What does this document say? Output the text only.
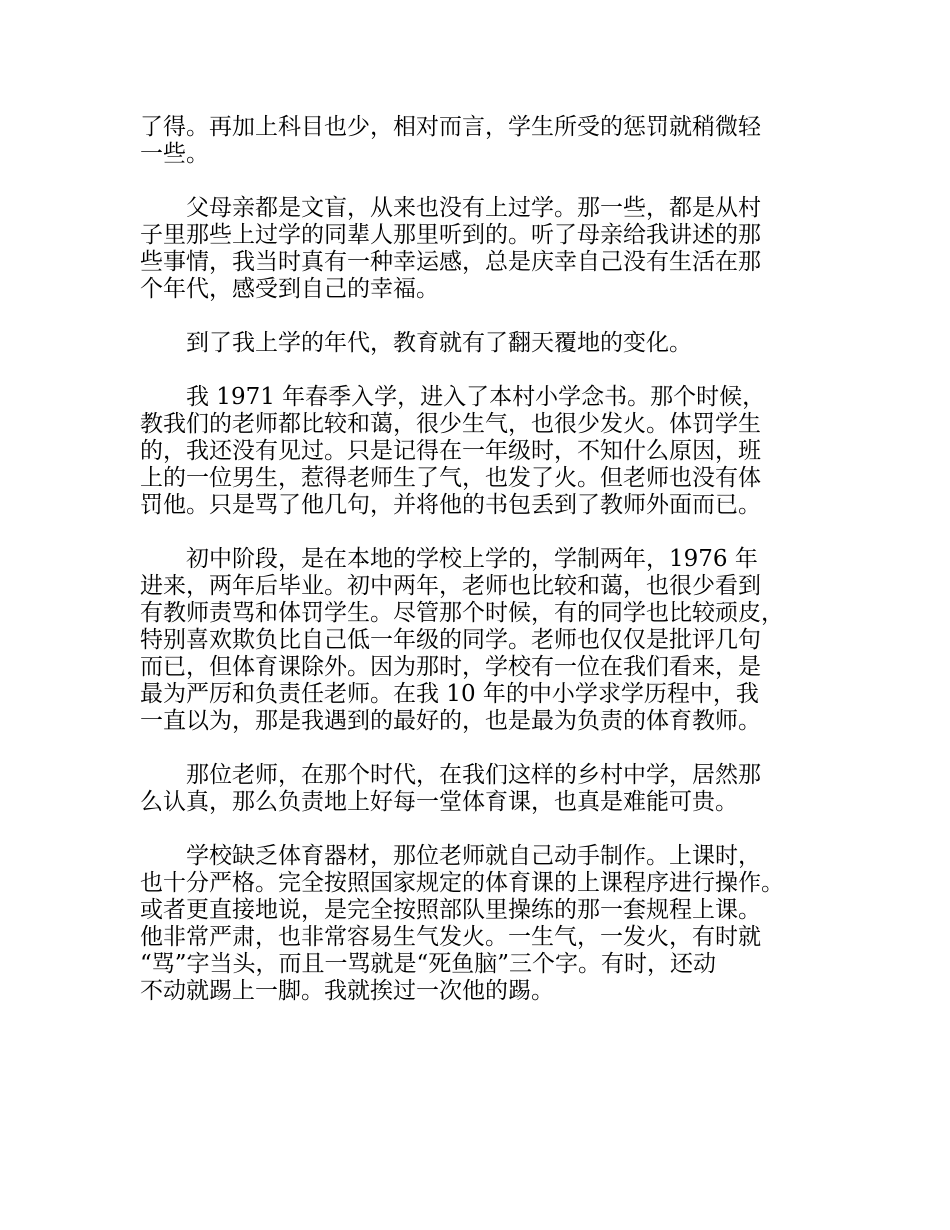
了得。再加上科目也少，相对而言，学生所受的惩罚就稍微轻
一些。
父母亲都是文盲，从来也没有上过学。那一些，都是从村
子里那些上过学的同辈人那里听到的。听了母亲给我讲述的那
些事情，我当时真有一种幸运感，总是庆幸自己没有生活在那
个年代，感受到自己的幸福。
到了我上学的年代，教育就有了翻天覆地的变化。
我 1971 年春季入学，进入了本村小学念书。那个时候，
教我们的老师都比较和蔼，很少生气，也很少发火。体罚学生
的，我还没有见过。只是记得在一年级时，不知什么原因，班
上的一位男生，惹得老师生了气，也发了火。但老师也没有体
罚他。只是骂了他几句，并将他的书包丢到了教师外面而已。
初中阶段，是在本地的学校上学的，学制两年，1976 年
进来，两年后毕业。初中两年，老师也比较和蔼，也很少看到
有教师责骂和体罚学生。尽管那个时候，有的同学也比较顽皮，
特别喜欢欺负比自己低一年级的同学。老师也仅仅是批评几句
而已，但体育课除外。因为那时，学校有一位在我们看来，是
最为严厉和负责任老师。在我 10 年的中小学求学历程中，我
一直以为，那是我遇到的最好的，也是最为负责的体育教师。
那位老师，在那个时代，在我们这样的乡村中学，居然那
么认真，那么负责地上好每一堂体育课，也真是难能可贵。
学校缺乏体育器材，那位老师就自己动手制作。上课时，
也十分严格。完全按照国家规定的体育课的上课程序进行操作。
或者更直接地说，是完全按照部队里操练的那一套规程上课。
他非常严肃，也非常容易生气发火。一生气，一发火，有时就
“骂”字当头，而且一骂就是“死鱼脑”三个字。有时，还动
不动就踢上一脚。我就挨过一次他的踢。
